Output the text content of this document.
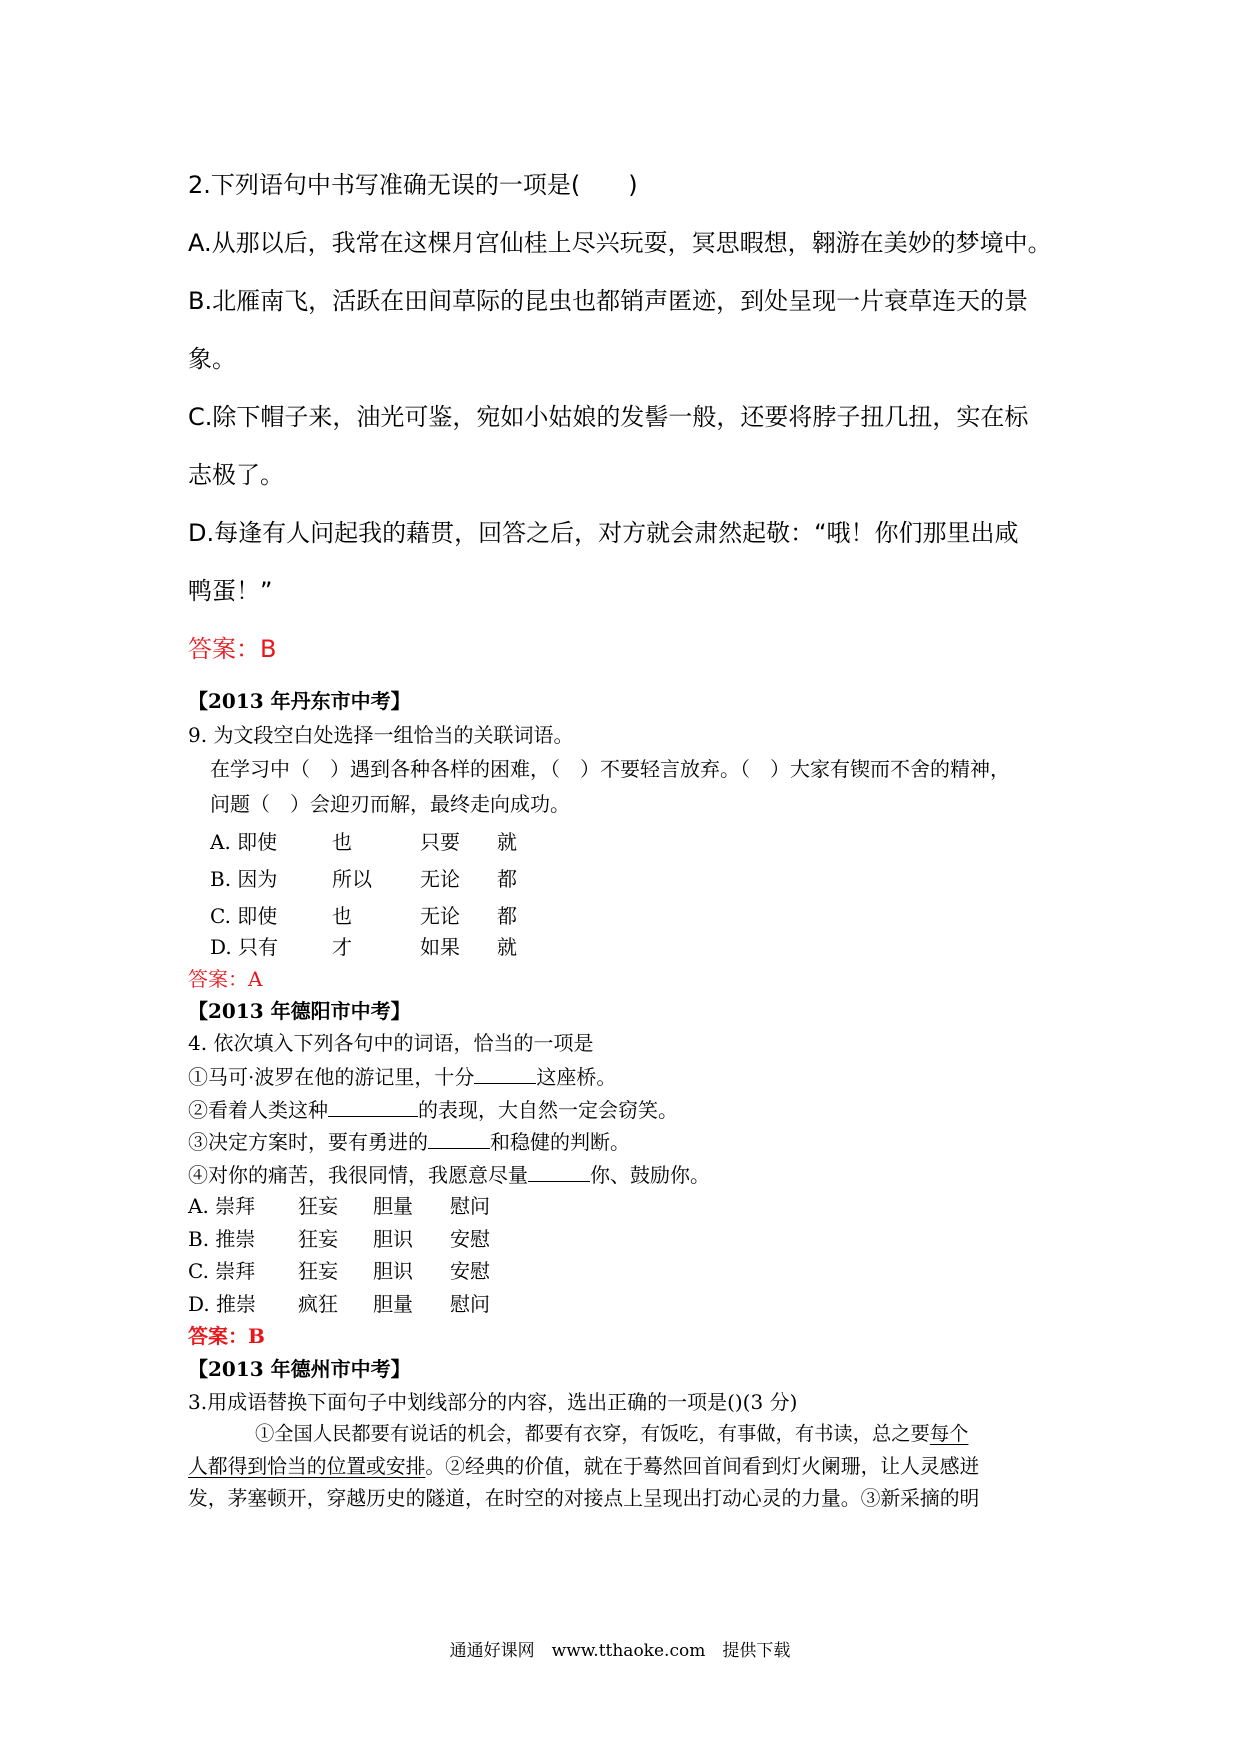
2.下列语句中书写准确无误的一项是(　　)
A.从那以后，我常在这棵月宫仙桂上尽兴玩耍，冥思暇想，翱游在美妙的梦境中。
B.北雁南飞，活跃在田间草际的昆虫也都销声匿迹，到处呈现一片衰草连天的景
象。
C.除下帽子来，油光可鉴，宛如小姑娘的发髻一般，还要将脖子扭几扭，实在标
志极了。
D.每逢有人问起我的藉贯，回答之后，对方就会肃然起敬：“哦！你们那里出咸
鸭蛋！”
答案：B
【2013 年丹东市中考】
9. 为文段空白处选择一组恰当的关联词语。
在学习中（　）遇到各种各样的困难，（　）不要轻言放弃。（　）大家有锲而不舍的精神，
问题（　）会迎刃而解，最终走向成功。
A. 即使	也	只要 就
B. 因为	所以 无论 都
C. 即使	也	无论 都
D. 只有	才	如果 就
答案：A
【2013 年德阳市中考】
4. 依次填入下列各句中的词语，恰当的一项是
①马可·波罗在他的游记里，十分	这座桥。
②看着人类这种	的表现，大自然一定会窃笑。
③决定方案时，要有勇进的	和稳健的判断。
④对你的痛苦，我很同情，我愿意尽量	你、鼓励你。
A. 崇拜 狂妄 胆量 慰问
B. 推崇 狂妄 胆识 安慰
C. 崇拜 狂妄 胆识 安慰
D. 推崇 疯狂 胆量 慰问
答案：B
【2013 年德州市中考】
3.用成语替换下面句子中划线部分的内容，选出正确的一项是()(3 分)
①全国人民都要有说话的机会，都要有衣穿，有饭吃，有事做，有书读，总之要每个
人都得到恰当的位置或安排。②经典的价值，就在于蓦然回首间看到灯火阑珊，让人灵感迸
发，茅塞顿开，穿越历史的隧道，在时空的对接点上呈现出打动心灵的力量。③新采摘的明
通通好课网　www.tthaoke.com　提供下载
